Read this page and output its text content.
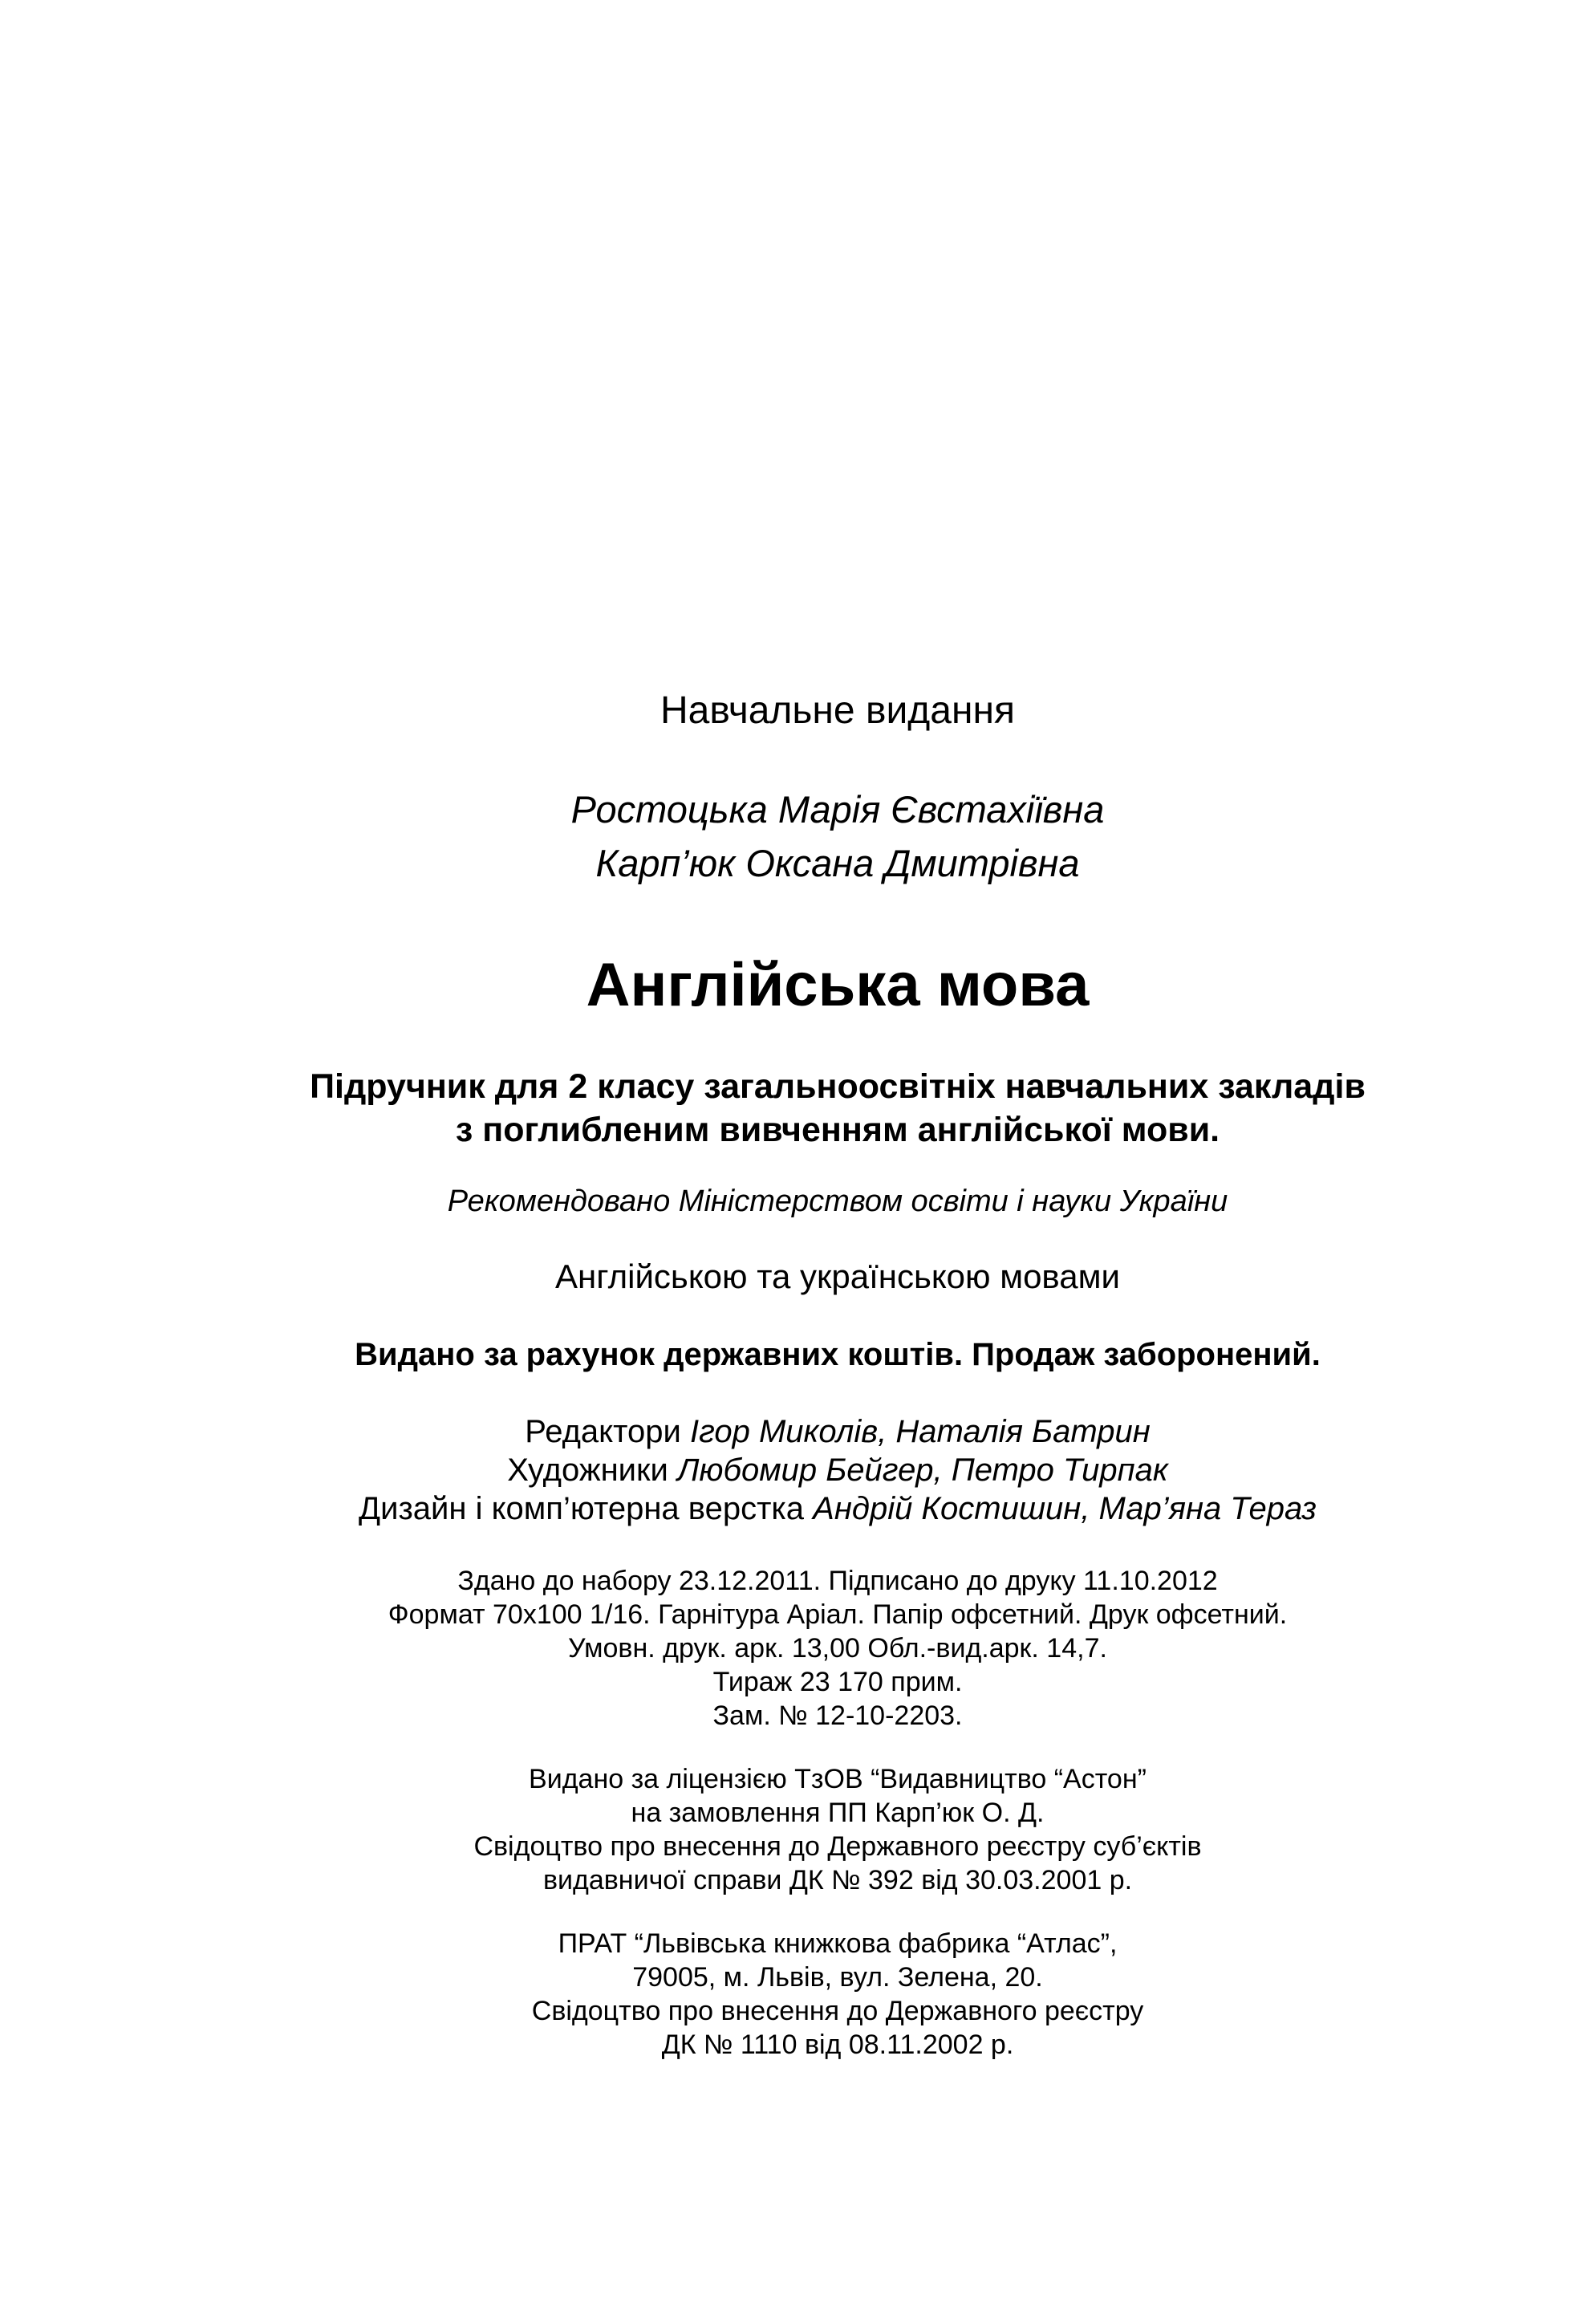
Навчальне видання
Ростоцька Марія Євстахіївна
Карп’юк Оксана Дмитрівна
Англійська мова
Підручник для 2 класу загальноосвітніх навчальних закладів
з поглибленим вивченням англійської мови.
Рекомендовано Міністерством освіти і науки України
Англійською та українською мовами
Видано за рахунок державних коштів. Продаж заборонений.
Редактори Ігор Миколів, Наталія Батрин
Художники Любомир Бейгер, Петро Тирпак
Дизайн і комп’ютерна верстка Андрій Костишин, Мар’яна Тераз
Здано до набору 23.12.2011. Підписано до друку 11.10.2012
Формат 70х100 1/16. Гарнітура Аріал. Папір офсетний. Друк офсетний.
Умовн. друк. арк. 13,00 Обл.-вид.арк. 14,7.
Тираж 23 170 прим.
Зам. № 12-10-2203.
Видано за ліцензією ТзОВ “Видавництво “Астон”
на замовлення ПП Карп’юк О. Д.
Свідоцтво про внесення до Державного реєстру суб’єктів
видавничої справи ДК № 392 від 30.03.2001 р.
ПРАТ “Львівська книжкова фабрика “Атлас”,
79005, м. Львів, вул. Зелена, 20.
Свідоцтво про внесення до Державного реєстру
ДК № 1110 від 08.11.2002 р.
